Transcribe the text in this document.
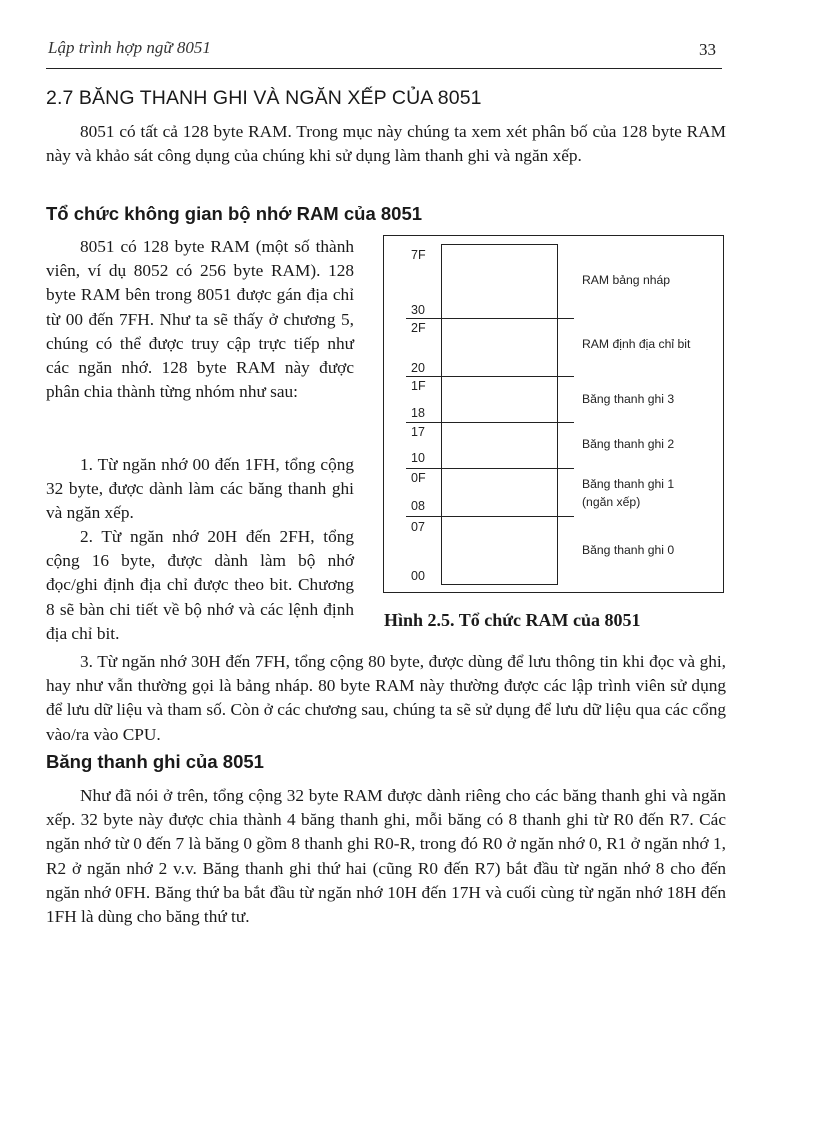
Lập trình hợp ngữ 8051	33
2.7 BĂNG THANH GHI VÀ NGĂN XẾP CỦA 8051

8051 có tất cả 128 byte RAM. Trong mục này chúng ta xem xét phân bố của 128 byte RAM này và khảo sát công dụng của chúng khi sử dụng làm thanh ghi và ngăn xếp.

Tổ chức không gian bộ nhớ RAM của 8051

8051 có 128 byte RAM (một số thành viên, ví dụ 8052 có 256 byte RAM). 128 byte RAM bên trong 8051 được gán địa chỉ từ 00 đến 7FH. Như ta sẽ thấy ở chương 5, chúng có thể được truy cập trực tiếp như các ngăn nhớ. 128 byte RAM này được phân chia thành từng nhóm như sau:

1. Từ ngăn nhớ 00 đến 1FH, tổng cộng 32 byte, được dành làm các băng thanh ghi và ngăn xếp.

2. Từ ngăn nhớ 20H đến 2FH, tổng cộng 16 byte, được dành làm bộ nhớ đọc/ghi định địa chỉ được theo bit. Chương 8 sẽ bàn chi tiết về bộ nhớ và các lệnh định địa chỉ bit.

3. Từ ngăn nhớ 30H đến 7FH, tổng cộng 80 byte, được dùng để lưu thông tin khi đọc và ghi, hay như vẫn thường gọi là bảng nháp. 80 byte RAM này thường được các lập trình viên sử dụng để lưu dữ liệu và tham số. Còn ở các chương sau, chúng ta sẽ sử dụng để lưu dữ liệu qua các cổng vào/ra vào CPU.

7F
30
2F
20
1F
18
17
10
0F
08
07
00
RAM bảng nháp
RAM định địa chỉ bit
Băng thanh ghi 3
Băng thanh ghi 2
Băng thanh ghi 1
(ngăn xếp)
Băng thanh ghi 0
Hình 2.5. Tổ chức RAM của 8051
Băng thanh ghi của 8051

Như đã nói ở trên, tổng cộng 32 byte RAM được dành riêng cho các băng thanh ghi và ngăn xếp. 32 byte này được chia thành 4 băng thanh ghi, mỗi băng có 8 thanh ghi từ R0 đến R7. Các ngăn nhớ từ 0 đến 7 là băng 0 gồm 8 thanh ghi R0-R, trong đó R0 ở ngăn nhớ 0, R1 ở ngăn nhớ 1, R2 ở ngăn nhớ 2 v.v. Băng thanh ghi thứ hai (cũng R0 đến R7) bắt đầu từ ngăn nhớ 8 cho đến ngăn nhớ 0FH. Băng thứ ba bắt đầu từ ngăn nhớ 10H đến 17H và cuối cùng từ ngăn nhớ 18H đến 1FH là dùng cho băng thứ tư.
